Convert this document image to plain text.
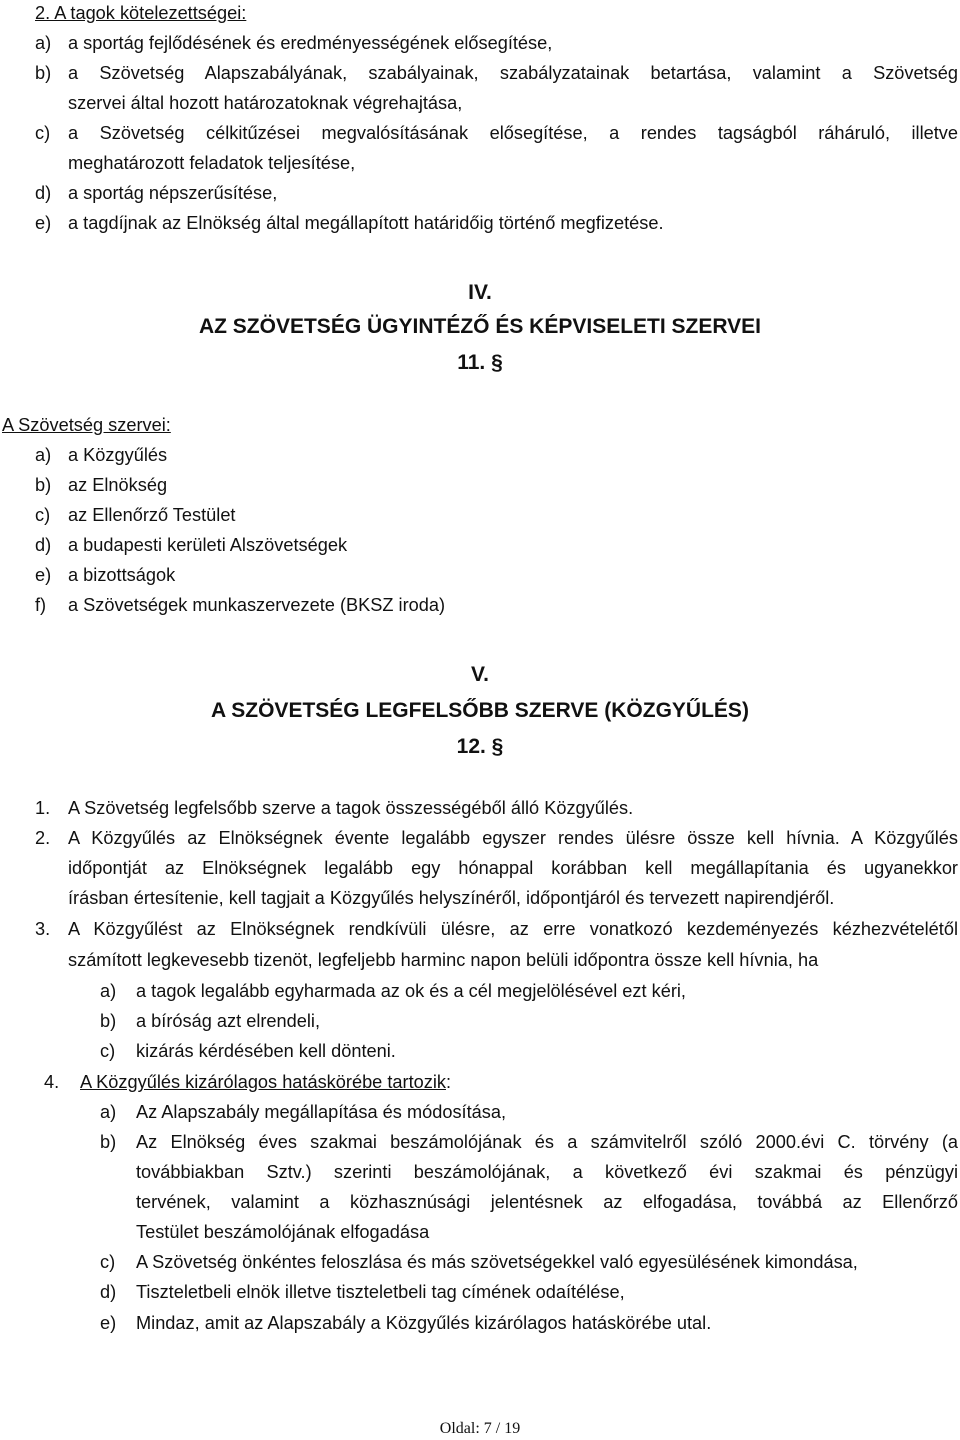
2. A tagok kötelezettségei:
a) a sportág fejlődésének és eredményességének elősegítése,
b) a Szövetség Alapszabályának, szabályainak, szabályzatainak betartása, valamint a Szövetség
szervei által hozott határozatoknak végrehajtása,
c) a Szövetség célkitűzései megvalósításának elősegítése, a rendes tagságból ráháruló, illetve
meghatározott feladatok teljesítése,
d) a sportág népszerűsítése,
e) a tagdíjnak az Elnökség által megállapított határidőig történő megfizetése.
IV.
AZ SZÖVETSÉG ÜGYINTÉZŐ ÉS KÉPVISELETI SZERVEI
11. §
A Szövetség szervei:
a) a Közgyűlés
b) az Elnökség
c) az Ellenőrző Testület
d) a budapesti kerületi Alszövetségek
e) a bizottságok
f) a Szövetségek munkaszervezete (BKSZ iroda)
V.
A SZÖVETSÉG LEGFELSŐBB SZERVE (KÖZGYŰLÉS)
12. §
1. A Szövetség legfelsőbb szerve a tagok összességéből álló Közgyűlés.
2. A Közgyűlés az Elnökségnek évente legalább egyszer rendes ülésre össze kell hívnia. A Közgyűlés
időpontját az Elnökségnek legalább egy hónappal korábban kell megállapítania és ugyanekkor
írásban értesítenie, kell tagjait a Közgyűlés helyszínéről, időpontjáról és tervezett napirendjéről.
3. A Közgyűlést az Elnökségnek rendkívüli ülésre, az erre vonatkozó kezdeményezés kézhezvételétől
számított legkevesebb tizenöt, legfeljebb harminc napon belüli időpontra össze kell hívnia, ha
a) a tagok legalább egyharmada az ok és a cél megjelölésével ezt kéri,
b) a bíróság azt elrendeli,
c) kizárás kérdésében kell dönteni.
4. A Közgyűlés kizárólagos hatáskörébe tartozik:
a) Az Alapszabály megállapítása és módosítása,
b) Az Elnökség éves szakmai beszámolójának és a számvitelről szóló 2000.évi C. törvény (a
továbbiakban Sztv.) szerinti beszámolójának, a következő évi szakmai és pénzügyi
tervének, valamint a közhasznúsági jelentésnek az elfogadása, továbbá az Ellenőrző
Testület beszámolójának elfogadása
c) A Szövetség önkéntes feloszlása és más szövetségekkel való egyesülésének kimondása,
d) Tiszteletbeli elnök illetve tiszteletbeli tag címének odaítélése,
e) Mindaz, amit az Alapszabály a Közgyűlés kizárólagos hatáskörébe utal.
Oldal: 7 / 19
